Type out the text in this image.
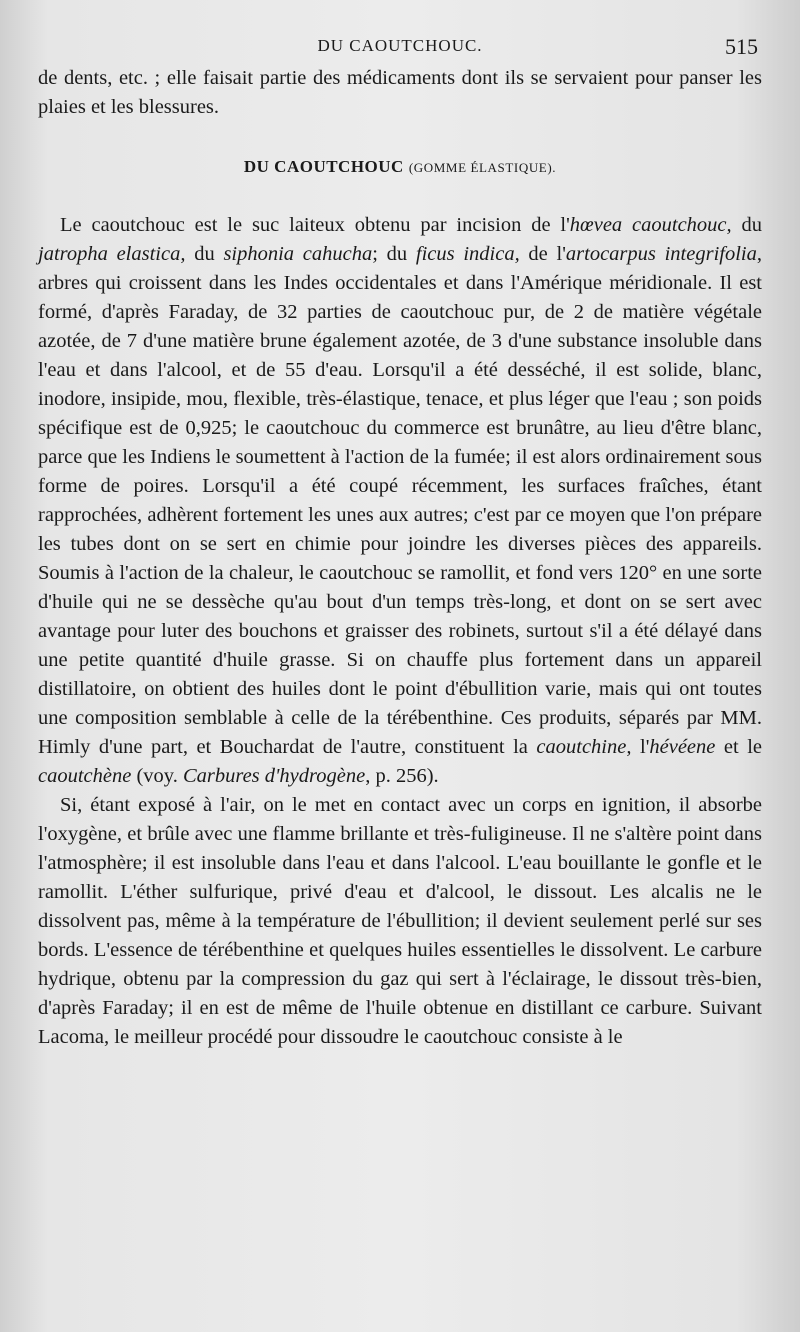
DU CAOUTCHOUC.	515

de dents, etc. ; elle faisait partie des médicaments dont ils se servaient pour panser les plaies et les blessures.

DU CAOUTCHOUC (GOMME ÉLASTIQUE).

Le caoutchouc est le suc laiteux obtenu par incision de l'hœvea caoutchouc, du jatropha elastica, du siphonia cahucha; du ficus indica, de l'artocarpus integrifolia, arbres qui croissent dans les Indes occidentales et dans l'Amérique méridionale. Il est formé, d'après Faraday, de 32 parties de caoutchouc pur, de 2 de matière végétale azotée, de 7 d'une matière brune également azotée, de 3 d'une substance insoluble dans l'eau et dans l'alcool, et de 55 d'eau. Lorsqu'il a été desséché, il est solide, blanc, inodore, insipide, mou, flexible, très-élastique, tenace, et plus léger que l'eau ; son poids spécifique est de 0,925; le caoutchouc du commerce est brunâtre, au lieu d'être blanc, parce que les Indiens le soumettent à l'action de la fumée; il est alors ordinairement sous forme de poires. Lorsqu'il a été coupé récemment, les surfaces fraîches, étant rapprochées, adhèrent fortement les unes aux autres; c'est par ce moyen que l'on prépare les tubes dont on se sert en chimie pour joindre les diverses pièces des appareils. Soumis à l'action de la chaleur, le caoutchouc se ramollit, et fond vers 120° en une sorte d'huile qui ne se dessèche qu'au bout d'un temps très-long, et dont on se sert avec avantage pour luter des bouchons et graisser des robinets, surtout s'il a été délayé dans une petite quantité d'huile grasse. Si on chauffe plus fortement dans un appareil distillatoire, on obtient des huiles dont le point d'ébullition varie, mais qui ont toutes une composition semblable à celle de la térébenthine. Ces produits, séparés par MM. Himly d'une part, et Bouchardat de l'autre, constituent la caoutchine, l'hévéene et le caoutchène (voy. Carbures d'hydrogène, p. 256).

Si, étant exposé à l'air, on le met en contact avec un corps en ignition, il absorbe l'oxygène, et brûle avec une flamme brillante et très-fuligineuse. Il ne s'altère point dans l'atmosphère; il est insoluble dans l'eau et dans l'alcool. L'eau bouillante le gonfle et le ramollit. L'éther sulfurique, privé d'eau et d'alcool, le dissout. Les alcalis ne le dissolvent pas, même à la température de l'ébullition; il devient seulement perlé sur ses bords. L'essence de térébenthine et quelques huiles essentielles le dissolvent. Le carbure hydrique, obtenu par la compression du gaz qui sert à l'éclairage, le dissout très-bien, d'après Faraday; il en est de même de l'huile obtenue en distillant ce carbure. Suivant Lacoma, le meilleur procédé pour dissoudre le caoutchouc consiste à le
